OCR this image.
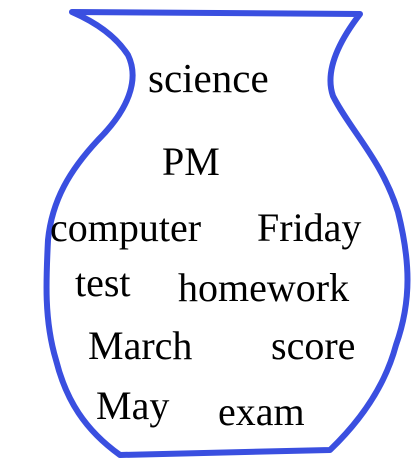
science
PM
computer Friday
test homework
March score
May exam
